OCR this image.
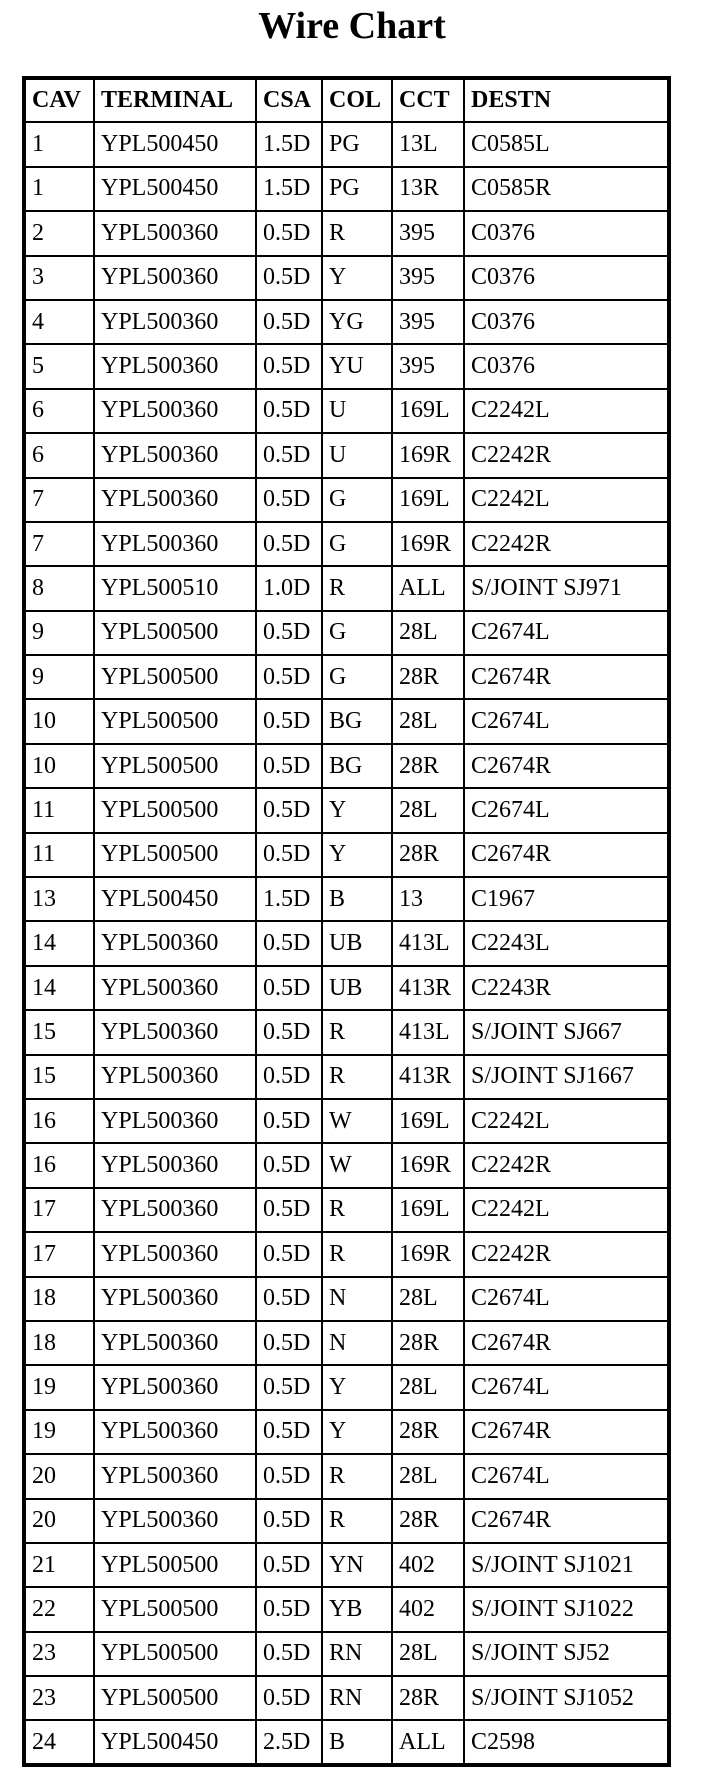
Wire Chart
CAV	TERMINAL	CSA	COL	CCT	DESTN
1	YPL500450	1.5D	PG	13L	C0585L
1	YPL500450	1.5D	PG	13R	C0585R
2	YPL500360	0.5D	R	395	C0376
3	YPL500360	0.5D	Y	395	C0376
4	YPL500360	0.5D	YG	395	C0376
5	YPL500360	0.5D	YU	395	C0376
6	YPL500360	0.5D	U	169L	C2242L
6	YPL500360	0.5D	U	169R	C2242R
7	YPL500360	0.5D	G	169L	C2242L
7	YPL500360	0.5D	G	169R	C2242R
8	YPL500510	1.0D	R	ALL	S/JOINT SJ971
9	YPL500500	0.5D	G	28L	C2674L
9	YPL500500	0.5D	G	28R	C2674R
10	YPL500500	0.5D	BG	28L	C2674L
10	YPL500500	0.5D	BG	28R	C2674R
11	YPL500500	0.5D	Y	28L	C2674L
11	YPL500500	0.5D	Y	28R	C2674R
13	YPL500450	1.5D	B	13	C1967
14	YPL500360	0.5D	UB	413L	C2243L
14	YPL500360	0.5D	UB	413R	C2243R
15	YPL500360	0.5D	R	413L	S/JOINT SJ667
15	YPL500360	0.5D	R	413R	S/JOINT SJ1667
16	YPL500360	0.5D	W	169L	C2242L
16	YPL500360	0.5D	W	169R	C2242R
17	YPL500360	0.5D	R	169L	C2242L
17	YPL500360	0.5D	R	169R	C2242R
18	YPL500360	0.5D	N	28L	C2674L
18	YPL500360	0.5D	N	28R	C2674R
19	YPL500360	0.5D	Y	28L	C2674L
19	YPL500360	0.5D	Y	28R	C2674R
20	YPL500360	0.5D	R	28L	C2674L
20	YPL500360	0.5D	R	28R	C2674R
21	YPL500500	0.5D	YN	402	S/JOINT SJ1021
22	YPL500500	0.5D	YB	402	S/JOINT SJ1022
23	YPL500500	0.5D	RN	28L	S/JOINT SJ52
23	YPL500500	0.5D	RN	28R	S/JOINT SJ1052
24	YPL500450	2.5D	B	ALL	C2598
